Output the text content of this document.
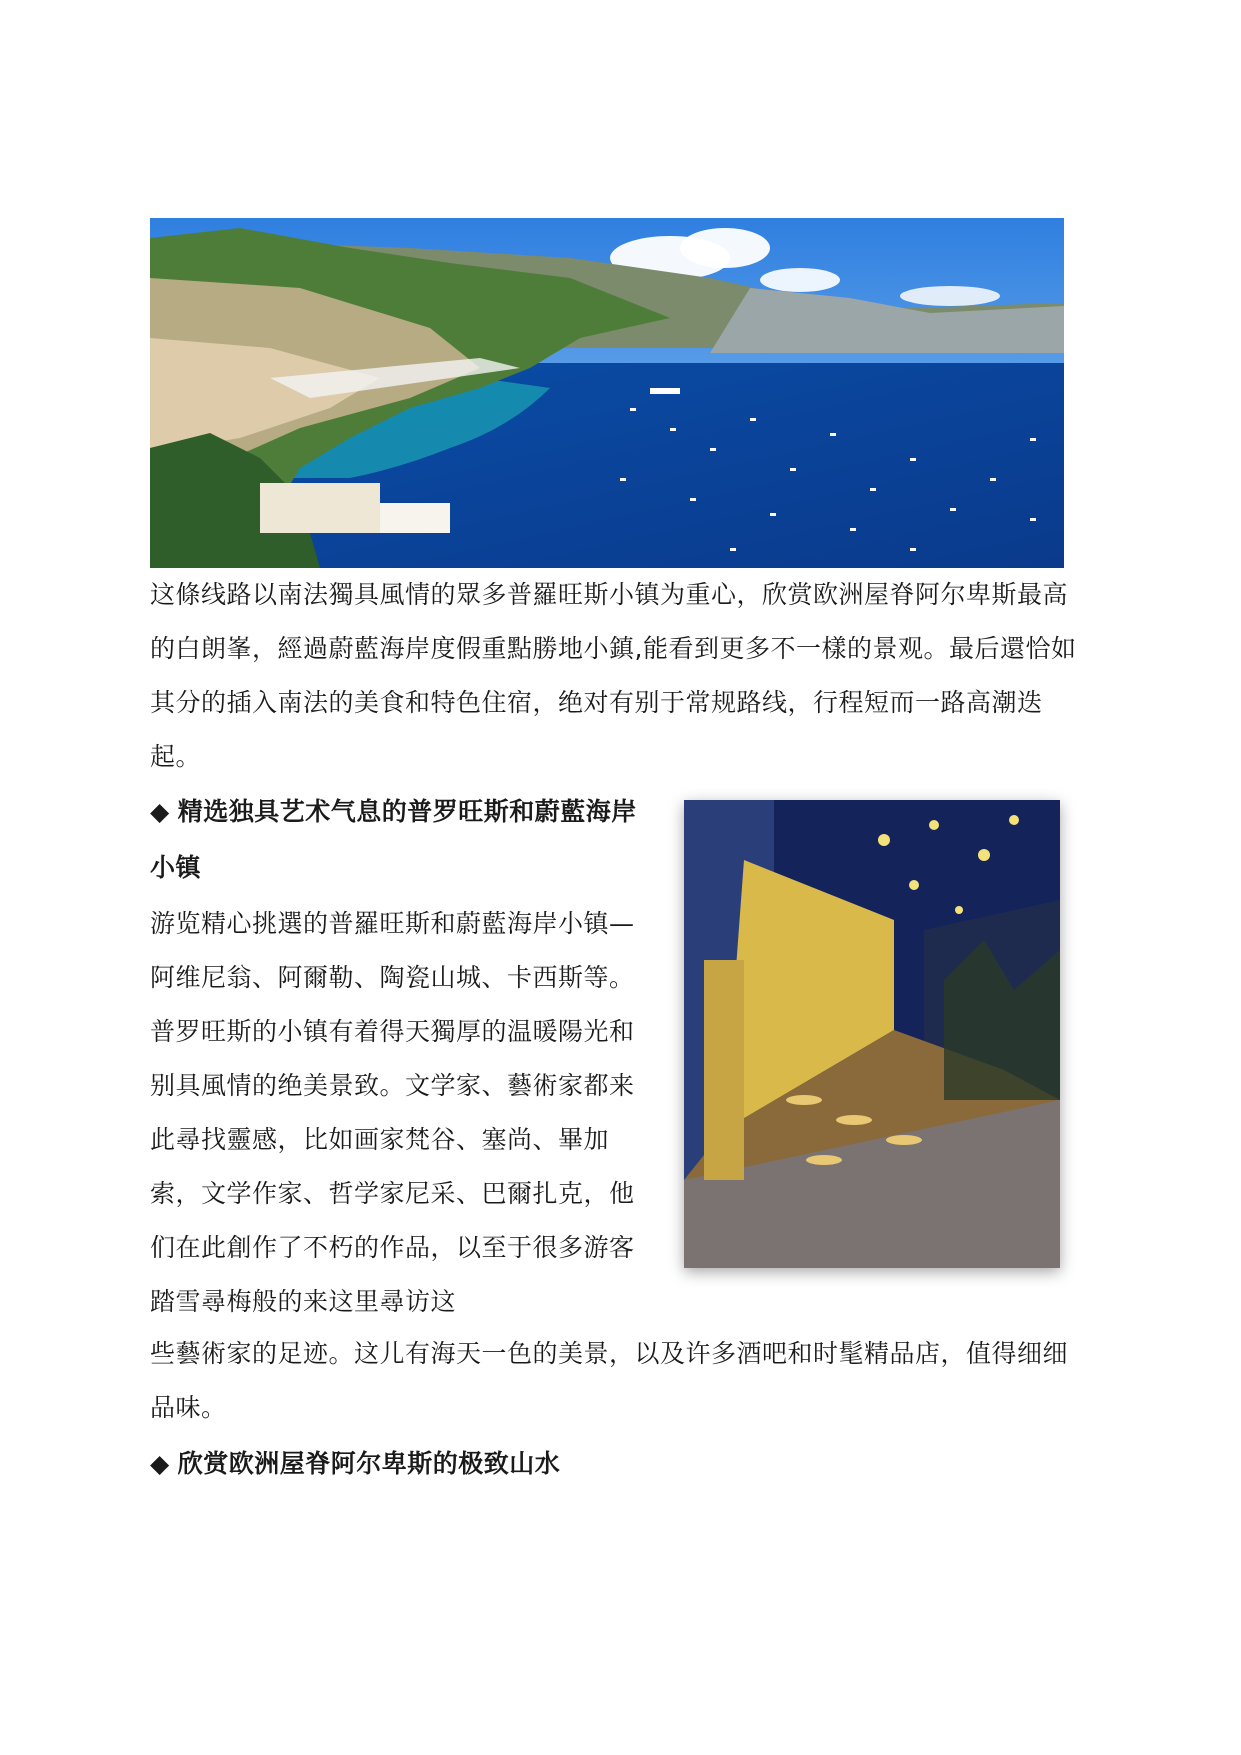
这條线路以南法獨具風情的眾多普羅旺斯小镇为重心，欣赏欧洲屋脊阿尔卑斯最高的白朗峯，經過蔚藍海岸度假重點勝地小鎮,能看到更多不一樣的景观。最后還恰如其分的插入南法的美食和特色住宿，绝对有别于常规路线，行程短而一路高潮迭起。

◆ 精选独具艺术气息的普罗旺斯和蔚藍海岸小镇

游览精心挑選的普羅旺斯和蔚藍海岸小镇—阿维尼翁、阿爾勒、陶瓷山城、卡西斯等。普罗旺斯的小镇有着得天獨厚的温暖陽光和别具風情的绝美景致。文学家、藝術家都来此尋找靈感，比如画家梵谷、塞尚、畢加索，文学作家、哲学家尼采、巴爾扎克，他们在此創作了不朽的作品，以至于很多游客踏雪尋梅般的来这里尋访这

些藝術家的足迹。这儿有海天一色的美景，以及许多酒吧和时髦精品店，值得细细品味。

◆ 欣赏欧洲屋脊阿尔卑斯的极致山水
